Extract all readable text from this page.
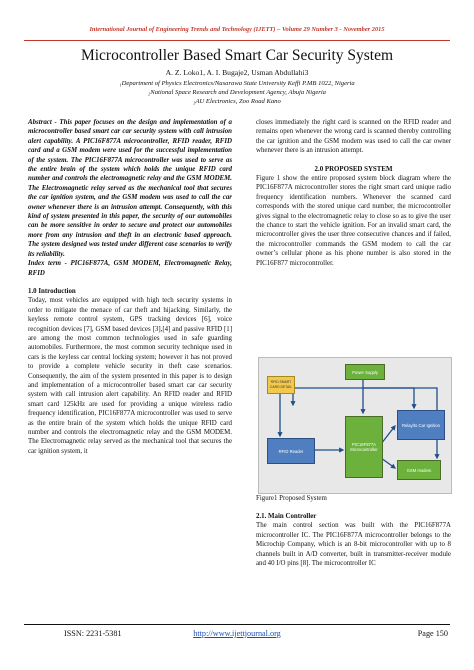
International Journal of Engineering Trends and Technology (IJETT) – Volume 29 Number 3 - November 2015
Microcontroller Based Smart Car Security System
A. Z. Loko1, A. I. Bugaje2, Usman Abdullahi3
₁Department of Physics Electronics/Nasarawa State University Keffi P.MB 1022, Nigeria
₂National Space Research and Development Agency, Abuja Nigeria
₃AU Electronics, Zoo Road Kano

Abstract - This paper focuses on the design and implementation of a microcontroller based smart car car security system with call intrusion alert capability. A PIC16F877A microcontroller, RFID reader, RFID card and a GSM modem were used for the successful implementation of the system. The PIC16F877A microcontroller was used to serve as the entire brain of the system which holds the unique RFID card number and controls the electromagnetic relay and the GSM MODEM. The Electromagnetic relay served as the mechanical tool that secures the car ignition system, and the GSM modem was used to call the car owner whenever there is an intrusion attempt. Consequently, with this kind of system presented in this paper, the security of our automobiles can be more sensitive in order to secure and protect our automobiles more from any intrusion and theft in an electronic based approach. The system designed was tested under different case scenarios to verify its reliability.

Index term - PIC16F877A, GSM MODEM, Electromagnetic Relay, RFID

1.0 Introduction

Today, most vehicles are equipped with high tech security systems in order to mitigate the menace of car theft and hijacking. Similarly, the keyless remote control system, GPS tracking devices [6], voice recognition devices [7], GSM based devices [3],[4] and passive RFID [1] are among the most common technologies used in safe guarding automobiles. Furthermore, the most common security technique used in cars is the keyless car central locking system; however it has not proved to provide a complete vehicle security in theft case scenarios. Consequently, the aim of the system presented in this paper is to design and implementation of a microcontroller based smart car car security system with call intrusion alert capability. An RFID reader and RFID smart card 125kHz are used for providing a unique wireless radio frequency identification, PIC16F877A microcontroller was used to serve as the entire brain of the system which holds the unique RFID card number and controls the electromagnetic relay and the GSM MODEM. The Electromagnetic relay served as the mechanical tool that secures the car ignition system, it

closes immediately the right card is scanned on the RFID reader and remains open whenever the wrong card is scanned thereby controlling the car ignition and the GSM modem was used to call the car owner whenever there is an intrusion attempt.

2.0 PROPOSED SYSTEM

Figure 1 show the entire proposed system block diagram where the PIC16F877A microcontroller stores the right smart card unique radio frequency identification numbers. Whenever the scanned card corresponds with the stored unique card number, the microcontroller gives signal to the electromagnetic relay to close so as to give the user the chance to start the vehicle ignition. For an invalid smart card, the microcontroller gives the user three consecutive chances and if failed, the microcontroller commands the GSM modem to call the car owner’s cellular phone as his phone number is also stored in the PIC16F877 microcontroller.

Power Supply
RFID SMART CARD DETAIL
RFID Reader
PIC16F877A Microcontroller
Relay/to Car Ignition
GSM modem
Figure1 Proposed System

2.1. Main Controller

The main control section was built with the PIC16F877A microcontroller IC. The PIC16F877A microcontroller belongs to the Microchip Company, which is an 8-bit microcontroller with up to 8 channels built in A/D converter, built in transmitter-receiver module and 40 I/O pins [8]. The microcontroller IC

ISSN: 2231-5381	http://www.ijettjournal.org	Page 150
